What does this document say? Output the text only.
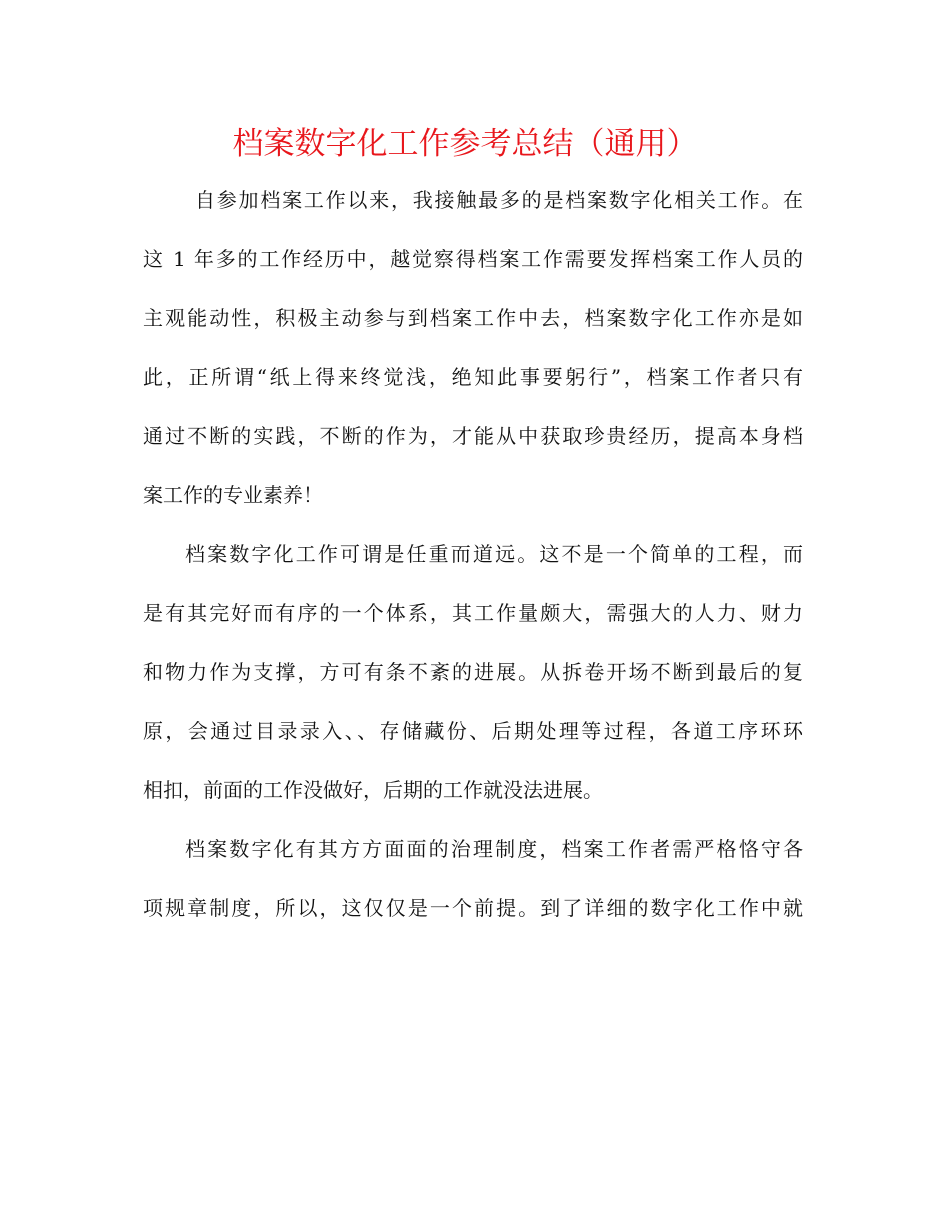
档案数字化工作参考总结（通用）

自参加档案工作以来，我接触最多的是档案数字化相关工作。在
这 1 年多的工作经历中，越觉察得档案工作需要发挥档案工作人员的
主观能动性，积极主动参与到档案工作中去，档案数字化工作亦是如
此，正所谓“纸上得来终觉浅，绝知此事要躬行”，档案工作者只有
通过不断的实践，不断的作为，才能从中获取珍贵经历，提高本身档
案工作的专业素养！

档案数字化工作可谓是任重而道远。这不是一个简单的工程，而
是有其完好而有序的一个体系，其工作量颇大，需强大的人力、财力
和物力作为支撑，方可有条不紊的进展。从拆卷开场不断到最后的复
原，会通过目录录入、、存储藏份、后期处理等过程，各道工序环环
相扣，前面的工作没做好，后期的工作就没法进展。

档案数字化有其方方面面的治理制度，档案工作者需严格恪守各
项规章制度，所以，这仅仅是一个前提。到了详细的数字化工作中就
